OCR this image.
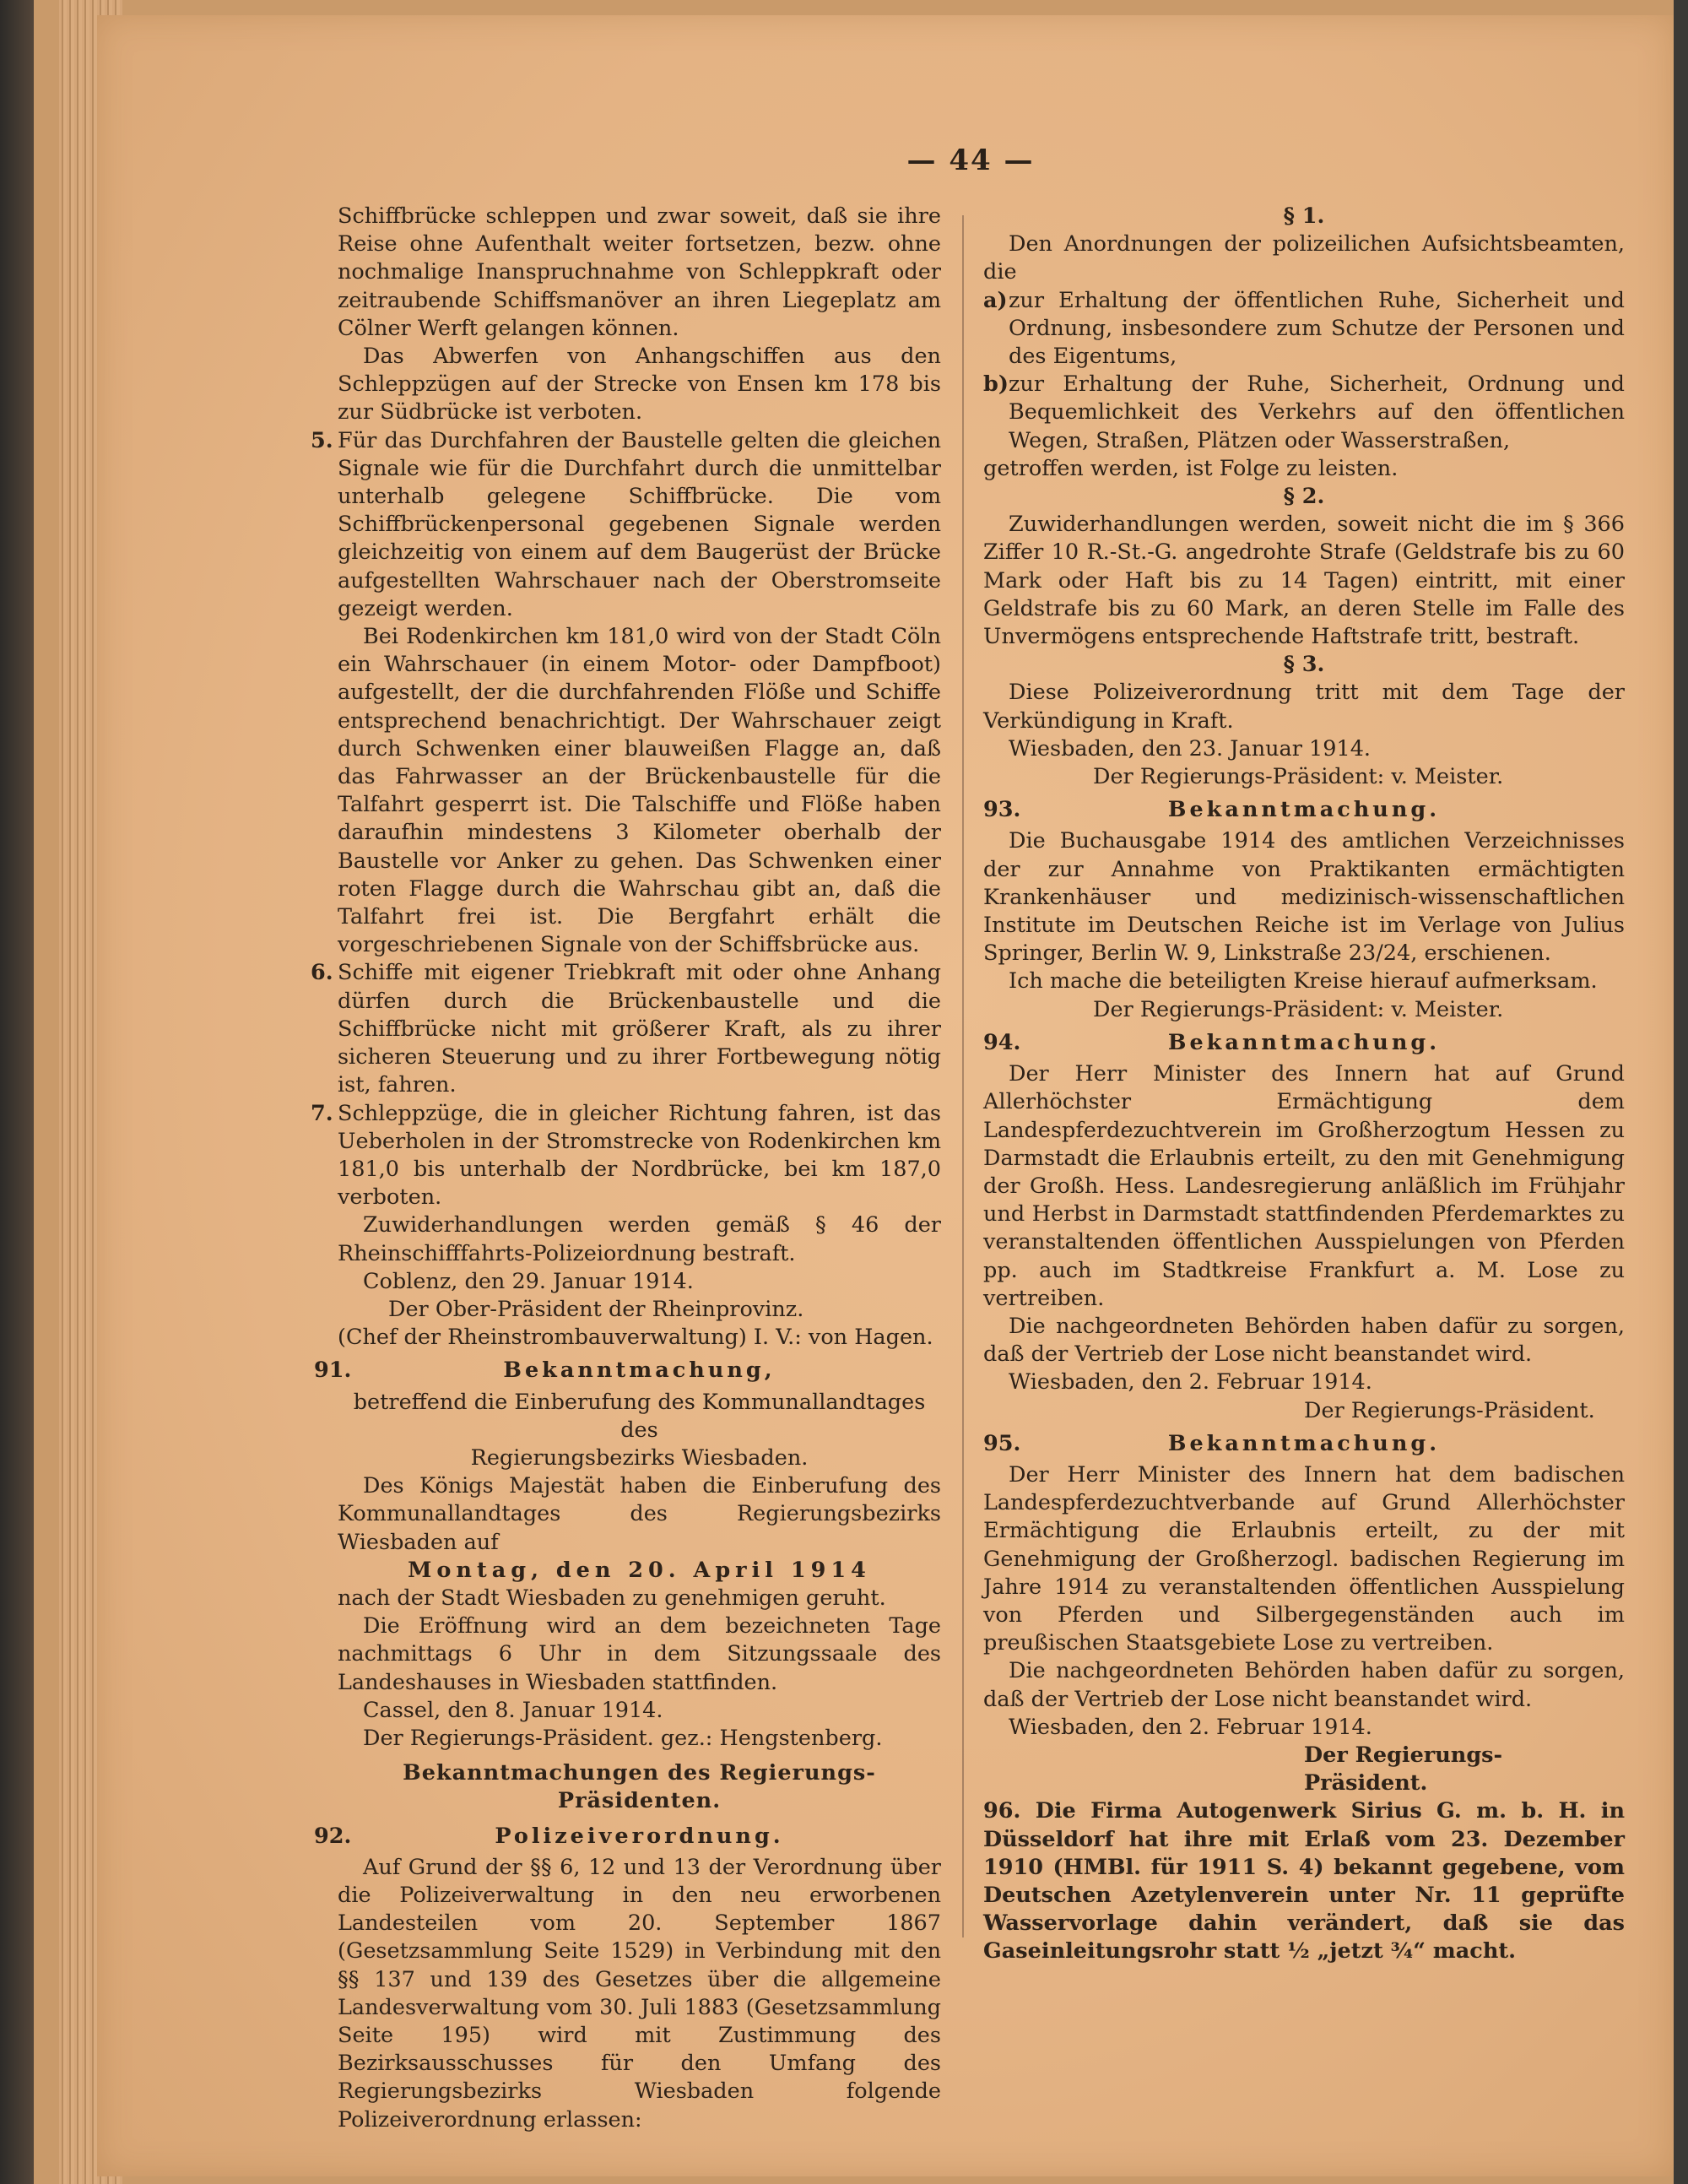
— 44 —

Schiffbrücke schleppen und zwar soweit, daß sie ihre Reise ohne Aufenthalt weiter fortsetzen, bezw. ohne nochmalige Inanspruchnahme von Schleppkraft oder zeitraubende Schiffsmanöver an ihren Liegeplatz am Cölner Werft gelangen können.

Das Abwerfen von Anhangschiffen aus den Schleppzügen auf der Strecke von Ensen km 178 bis zur Südbrücke ist verboten.

5. Für das Durchfahren der Baustelle gelten die gleichen Signale wie für die Durchfahrt durch die unmittelbar unterhalb gelegene Schiffbrücke. Die vom Schiffbrückenpersonal gegebenen Signale werden gleichzeitig von einem auf dem Baugerüst der Brücke aufgestellten Wahrschauer nach der Oberstromseite gezeigt werden.

Bei Rodenkirchen km 181,0 wird von der Stadt Cöln ein Wahrschauer (in einem Motor- oder Dampfboot) aufgestellt, der die durchfahrenden Flöße und Schiffe entsprechend benachrichtigt. Der Wahrschauer zeigt durch Schwenken einer blauweißen Flagge an, daß das Fahrwasser an der Brückenbaustelle für die Talfahrt gesperrt ist. Die Talschiffe und Flöße haben daraufhin mindestens 3 Kilometer oberhalb der Baustelle vor Anker zu gehen. Das Schwenken einer roten Flagge durch die Wahrschau gibt an, daß die Talfahrt frei ist. Die Bergfahrt erhält die vorgeschriebenen Signale von der Schiffsbrücke aus.

6. Schiffe mit eigener Triebkraft mit oder ohne Anhang dürfen durch die Brückenbaustelle und die Schiffbrücke nicht mit größerer Kraft, als zu ihrer sicheren Steuerung und zu ihrer Fortbewegung nötig ist, fahren.

7. Schleppzüge, die in gleicher Richtung fahren, ist das Ueberholen in der Stromstrecke von Rodenkirchen km 181,0 bis unterhalb der Nordbrücke, bei km 187,0 verboten.

Zuwiderhandlungen werden gemäß § 46 der Rheinschifffahrts-Polizeiordnung bestraft.

Coblenz, den 29. Januar 1914.

Der Ober-Präsident der Rheinprovinz.

(Chef der Rheinstrombauverwaltung) I. V.: von Hagen.

91.	Bekanntmachung,

betreffend die Einberufung des Kommunallandtages des

Regierungsbezirks Wiesbaden.

Des Königs Majestät haben die Einberufung des Kommunallandtages des Regierungsbezirks Wiesbaden auf

Montag, den 20. April 1914

nach der Stadt Wiesbaden zu genehmigen geruht.

Die Eröffnung wird an dem bezeichneten Tage nachmittags 6 Uhr in dem Sitzungssaale des Landeshauses in Wiesbaden stattfinden.

Cassel, den 8. Januar 1914.

Der Regierungs-Präsident. gez.: Hengstenberg.

Bekanntmachungen des Regierungs-Präsidenten.

92.	Polizeiverordnung.

Auf Grund der §§ 6, 12 und 13 der Verordnung über die Polizeiverwaltung in den neu erworbenen Landesteilen vom 20. September 1867 (Gesetzsammlung Seite 1529) in Verbindung mit den §§ 137 und 139 des Gesetzes über die allgemeine Landesverwaltung vom 30. Juli 1883 (Gesetzsammlung Seite 195) wird mit Zustimmung des Bezirksausschusses für den Umfang des Regierungsbezirks Wiesbaden folgende Polizeiverordnung erlassen:

§ 1.

Den Anordnungen der polizeilichen Aufsichtsbeamten, die

a) zur Erhaltung der öffentlichen Ruhe, Sicherheit und Ordnung, insbesondere zum Schutze der Personen und des Eigentums,

b) zur Erhaltung der Ruhe, Sicherheit, Ordnung und Bequemlichkeit des Verkehrs auf den öffentlichen Wegen, Straßen, Plätzen oder Wasserstraßen,

getroffen werden, ist Folge zu leisten.

§ 2.

Zuwiderhandlungen werden, soweit nicht die im § 366 Ziffer 10 R.-St.-G. angedrohte Strafe (Geldstrafe bis zu 60 Mark oder Haft bis zu 14 Tagen) eintritt, mit einer Geldstrafe bis zu 60 Mark, an deren Stelle im Falle des Unvermögens entsprechende Haftstrafe tritt, bestraft.

§ 3.

Diese Polizeiverordnung tritt mit dem Tage der Verkündigung in Kraft.

Wiesbaden, den 23. Januar 1914.

Der Regierungs-Präsident: v. Meister.

93.	Bekanntmachung.

Die Buchausgabe 1914 des amtlichen Verzeichnisses der zur Annahme von Praktikanten ermächtigten Krankenhäuser und medizinisch-wissenschaftlichen Institute im Deutschen Reiche ist im Verlage von Julius Springer, Berlin W. 9, Linkstraße 23/24, erschienen.

Ich mache die beteiligten Kreise hierauf aufmerksam.

Der Regierungs-Präsident: v. Meister.

94.	Bekanntmachung.

Der Herr Minister des Innern hat auf Grund Allerhöchster Ermächtigung dem Landespferdezuchtverein im Großherzogtum Hessen zu Darmstadt die Erlaubnis erteilt, zu den mit Genehmigung der Großh. Hess. Landesregierung anläßlich im Frühjahr und Herbst in Darmstadt stattfindenden Pferdemarktes zu veranstaltenden öffentlichen Ausspielungen von Pferden pp. auch im Stadtkreise Frankfurt a. M. Lose zu vertreiben.

Die nachgeordneten Behörden haben dafür zu sorgen, daß der Vertrieb der Lose nicht beanstandet wird.

Wiesbaden, den 2. Februar 1914.

Der Regierungs-Präsident.

95.	Bekanntmachung.

Der Herr Minister des Innern hat dem badischen Landespferdezuchtverbande auf Grund Allerhöchster Ermächtigung die Erlaubnis erteilt, zu der mit Genehmigung der Großherzogl. badischen Regierung im Jahre 1914 zu veranstaltenden öffentlichen Ausspielung von Pferden und Silbergegenständen auch im preußischen Staatsgebiete Lose zu vertreiben.

Die nachgeordneten Behörden haben dafür zu sorgen, daß der Vertrieb der Lose nicht beanstandet wird.

Wiesbaden, den 2. Februar 1914.

Der Regierungs-Präsident.

96. Die Firma Autogenwerk Sirius G. m. b. H. in Düsseldorf hat ihre mit Erlaß vom 23. Dezember 1910 (HMBl. für 1911 S. 4) bekannt gegebene, vom Deutschen Azetylenverein unter Nr. 11 geprüfte Wasservorlage dahin verändert, daß sie das Gaseinleitungsrohr statt ½ „jetzt ¾“ macht.
